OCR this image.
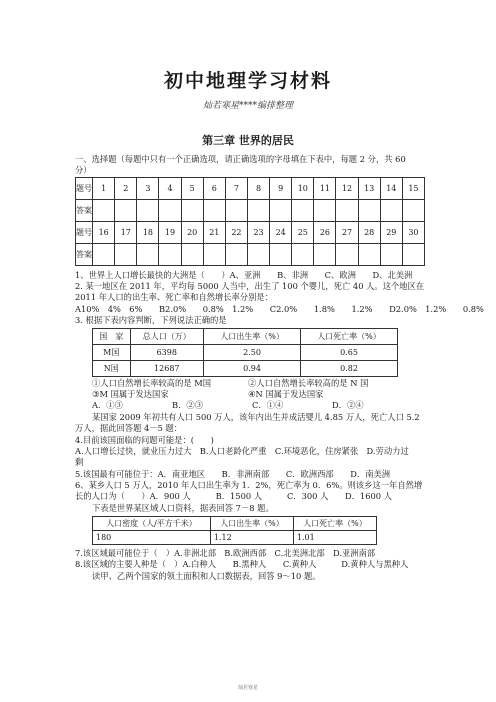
初中地理学习材料
灿若寒星****编排整理
第三章 世界的居民
一、选择题（每题中只有一个正确选项，请正确选项的字母填在下表中，每题 2 分，共 60
分）
题号	1	2	3	4	5	6	7	8	9	10	11	12	13	14	15
答案															
题号	16	17	18	19	20	21	22	23	24	25	26	27	28	29	30
答案															
1、世界上人口增长最快的大洲是（　　）A、亚洲　　B、非洲　　C、欧洲　　D、北美洲
2. 某一地区在 2011 年，平均每 5000 人当中，出生了 100 个婴儿，死亡 40 人。这个地区在
2011 年人口的出生率、死亡率和自然增长率分别是：
A10%　4%　6%　　B2.0%　　0.8%　1.2%　　C2.0%　　1.8%　　1.2%　　D2.0%　1.2%　　0.8%
3. 根据下表内容判断，下列说法正确的是
国　家	总人口（万）	人口出生率（%）	人口死亡率（%）
M国	6398	2.50	0.65
N国	12687	0.94	0.82
①人口自然增长率较高的是 M国	②人口自然增长率较高的是 N 国
③M 国属于发达国家	④N 国属于发达国家
A．①③	B．②③	C．①④	D．②④
某国家 2009 年初共有人口 500 万人，该年内出生并成活婴儿 4.85 万人，死亡人口 5.2
万人，据此回答题 4－5 题：
4.目前该国面临的问题可能是：(　　)
A.人口增长过快，就业压力过大　B.人口老龄化严重　C.环境恶化，住房紧张　D.劳动力过
剩
5.该国最有可能位于：A．南亚地区　　B．非洲南部　　C．欧洲西部　　D．南美洲
6、某乡人口 5 万人，2010 年人口出生率为 1．2%，死亡率为 0．6%。则该乡这一年自然增
长的人口为（　　）A．900 人　　　B．1500 人　　　C．300 人　　D．1600 人
下表是世界某区域人口资料，据表回答 7－8 题。
人口密度（人/平方千米）	人口出生率（%）	人口死亡率（%）
180	1.12	1.01
7.该区域最可能位于（　）A.非洲北部　B.欧洲西部　C.北美洲北部　D.亚洲南部
8.该区域的主要人种是（　）A.白种人　　B.黑种人　　C.黄种人　　　D.黄种人与黑种人
读甲、乙两个国家的领土面积和人口数据表，回答 9～10 题。
灿若寒星
